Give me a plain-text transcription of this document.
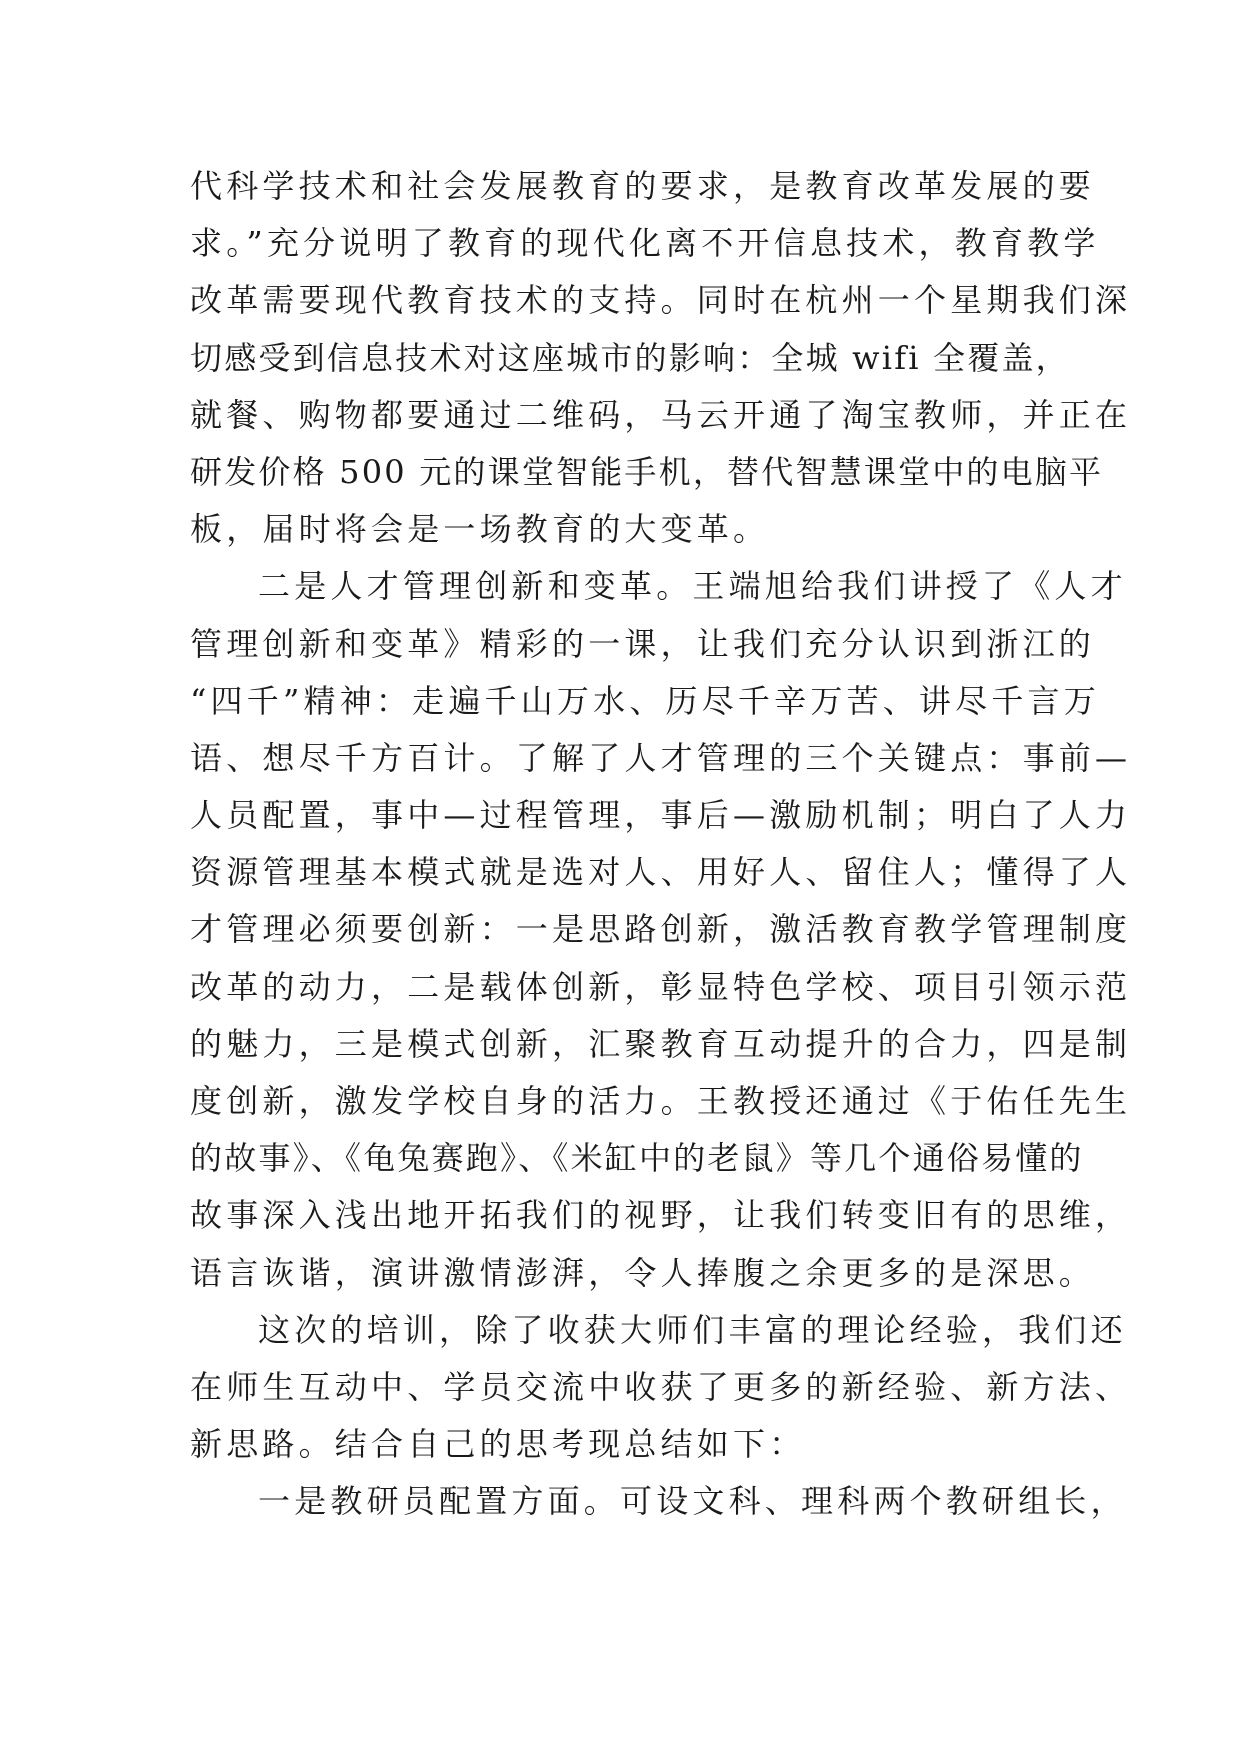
代科学技术和社会发展教育的要求，是教育改革发展的要
求。”充分说明了教育的现代化离不开信息技术，教育教学
改革需要现代教育技术的支持。同时在杭州一个星期我们深
切感受到信息技术对这座城市的影响：全城 wifi 全覆盖，
就餐、购物都要通过二维码，马云开通了淘宝教师，并正在
研发价格 500 元的课堂智能手机，替代智慧课堂中的电脑平
板，届时将会是一场教育的大变革。
二是人才管理创新和变革。王端旭给我们讲授了《人才
管理创新和变革》精彩的一课，让我们充分认识到浙江的
“四千”精神：走遍千山万水、历尽千辛万苦、讲尽千言万
语、想尽千方百计。了解了人才管理的三个关键点：事前—
人员配置，事中—过程管理，事后—激励机制；明白了人力
资源管理基本模式就是选对人、用好人、留住人；懂得了人
才管理必须要创新：一是思路创新，激活教育教学管理制度
改革的动力，二是载体创新，彰显特色学校、项目引领示范
的魅力，三是模式创新，汇聚教育互动提升的合力，四是制
度创新，激发学校自身的活力。王教授还通过《于佑任先生
的故事》、《龟兔赛跑》、《米缸中的老鼠》等几个通俗易懂的
故事深入浅出地开拓我们的视野，让我们转变旧有的思维，
语言诙谐，演讲激情澎湃，令人捧腹之余更多的是深思。
这次的培训，除了收获大师们丰富的理论经验，我们还
在师生互动中、学员交流中收获了更多的新经验、新方法、
新思路。结合自己的思考现总结如下：
一是教研员配置方面。可设文科、理科两个教研组长，
